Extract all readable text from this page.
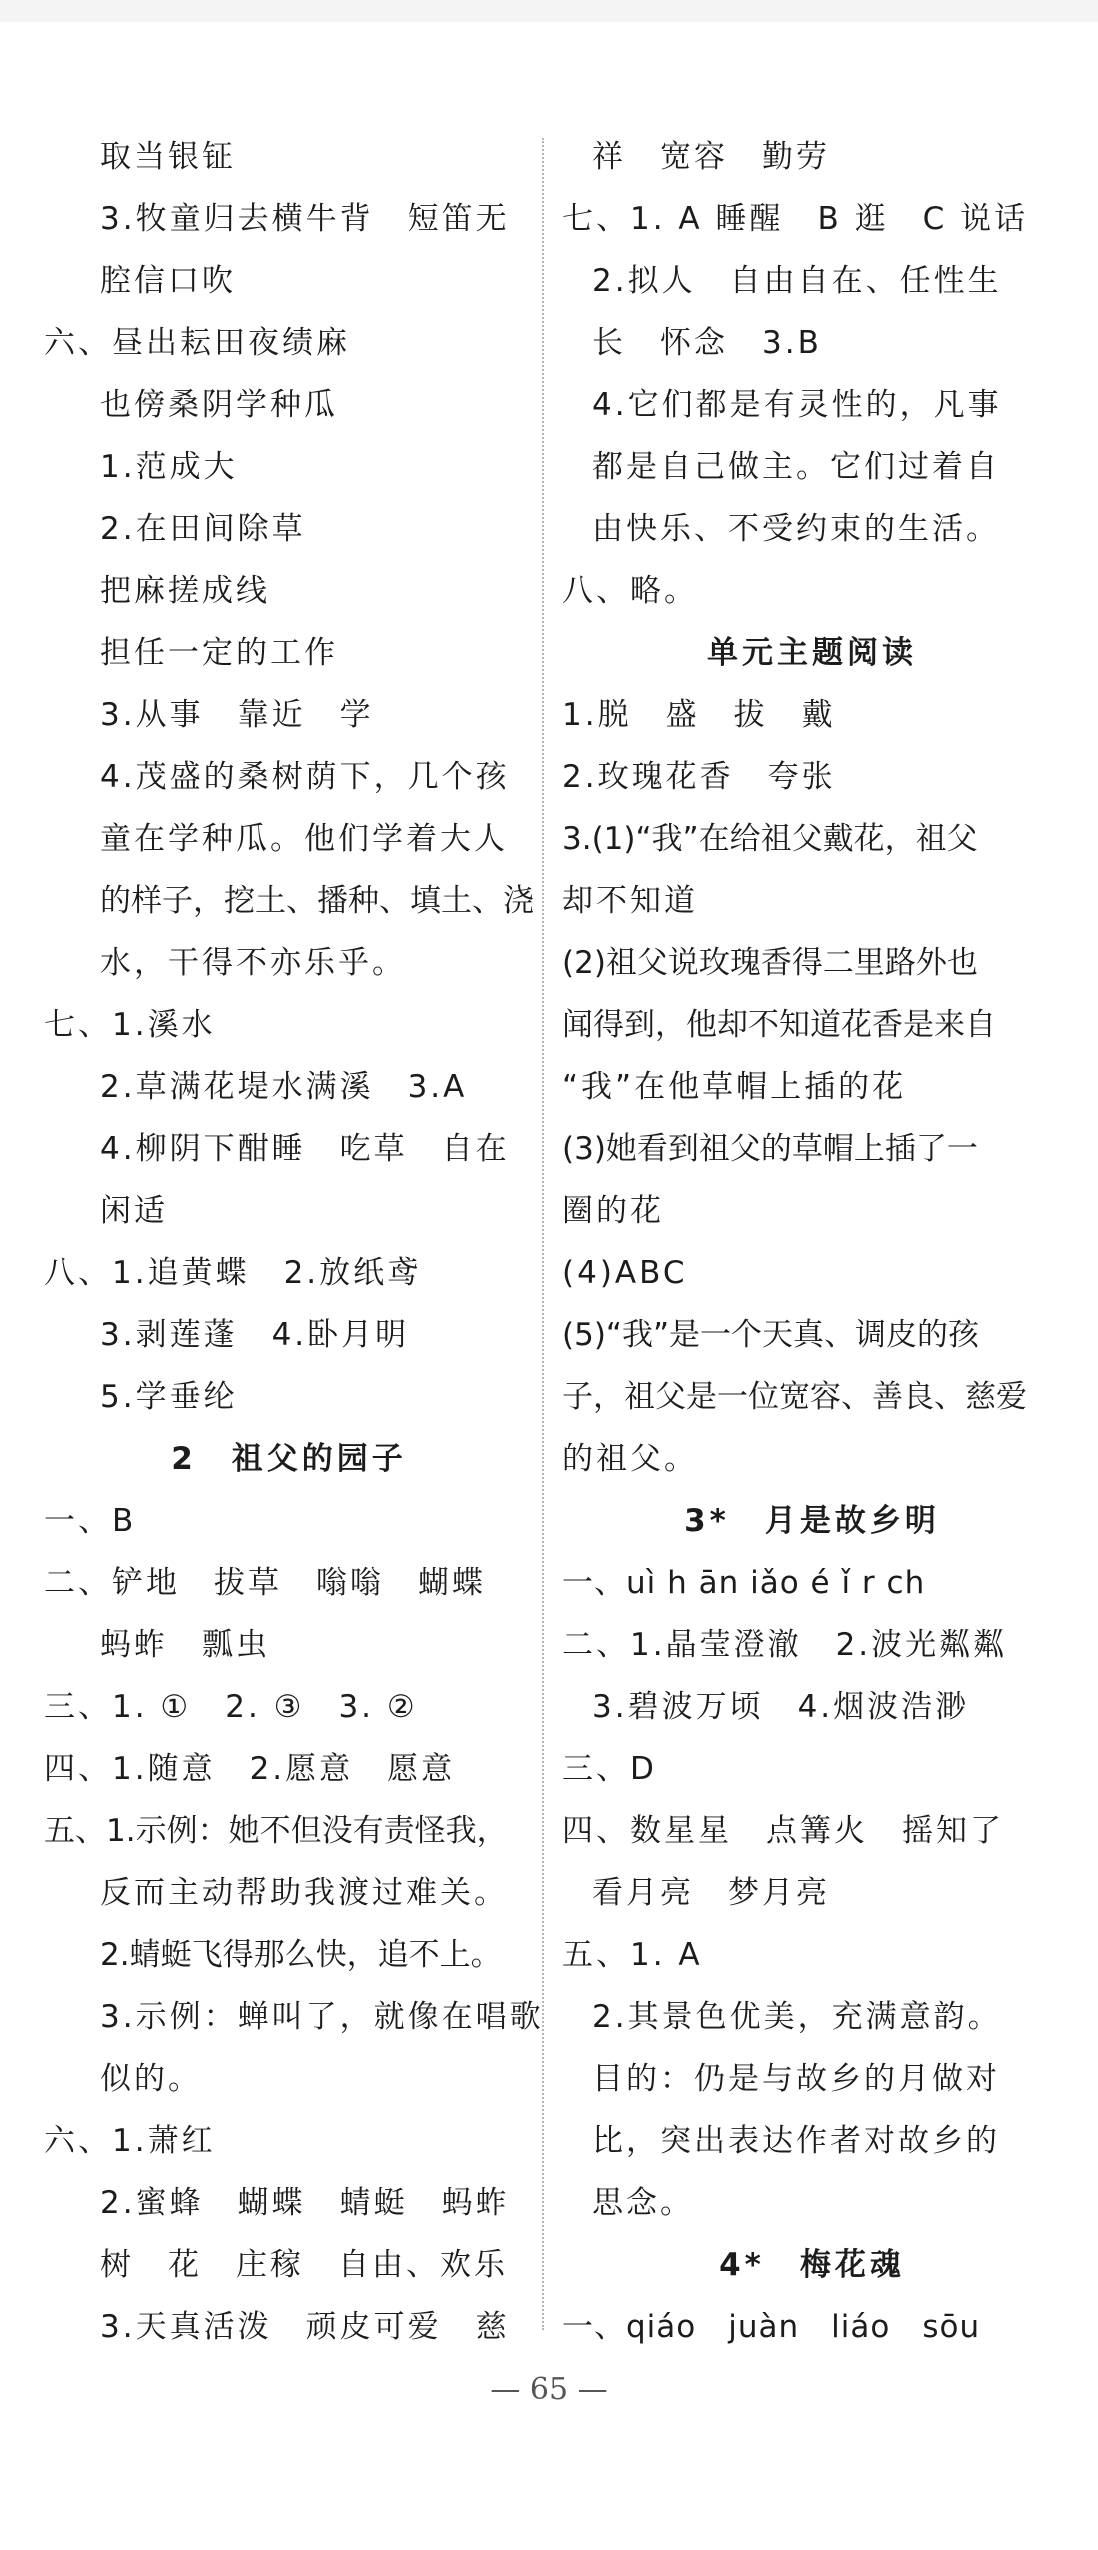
取当银钲
3.牧童归去横牛背　短笛无
腔信口吹
六、昼出耘田夜绩麻
也傍桑阴学种瓜
1.范成大
2.在田间除草
把麻搓成线
担任一定的工作
3.从事　靠近　学
4.茂盛的桑树荫下，几个孩
童在学种瓜。他们学着大人
的样子，挖土、播种、填土、浇
水，干得不亦乐乎。
七、1.溪水
2.草满花堤水满溪　3.A
4.柳阴下酣睡　吃草　自在
闲适
八、1.追黄蝶　2.放纸鸢
3.剥莲蓬　4.卧月明
5.学垂纶
2　祖父的园子
一、B
二、铲地　拔草　嗡嗡　蝴蝶
蚂蚱　瓢虫
三、1. ①　2. ③　3. ②
四、1.随意　2.愿意　愿意
五、1.示例：她不但没有责怪我，
反而主动帮助我渡过难关。
2.蜻蜓飞得那么快，追不上。
3.示例：蝉叫了，就像在唱歌
似的。
六、1.萧红
2.蜜蜂　蝴蝶　蜻蜓　蚂蚱
树　花　庄稼　自由、欢乐
3.天真活泼　顽皮可爱　慈
祥　宽容　勤劳
七、1. A 睡醒　B 逛　C 说话
2.拟人　自由自在、任性生
长　怀念　3.B
4.它们都是有灵性的，凡事
都是自己做主。它们过着自
由快乐、不受约束的生活。
八、略。
单元主题阅读
1.脱　盛　拔　戴
2.玫瑰花香　夸张
3.(1)“我”在给祖父戴花，祖父
却不知道
(2)祖父说玫瑰香得二里路外也
闻得到，他却不知道花香是来自
“我”在他草帽上插的花
(3)她看到祖父的草帽上插了一
圈的花
(4)ABC
(5)“我”是一个天真、调皮的孩
子，祖父是一位宽容、善良、慈爱
的祖父。
3*　月是故乡明
一、uì h ān iǎo é ǐ r ch
二、1.晶莹澄澈　2.波光粼粼
3.碧波万顷　4.烟波浩渺
三、D
四、数星星　点篝火　摇知了
看月亮　梦月亮
五、1. A
2.其景色优美，充满意韵。
目的：仍是与故乡的月做对
比，突出表达作者对故乡的
思念。
4*　梅花魂
一、qiáo　juàn　liáo　sōu
— 65 —
